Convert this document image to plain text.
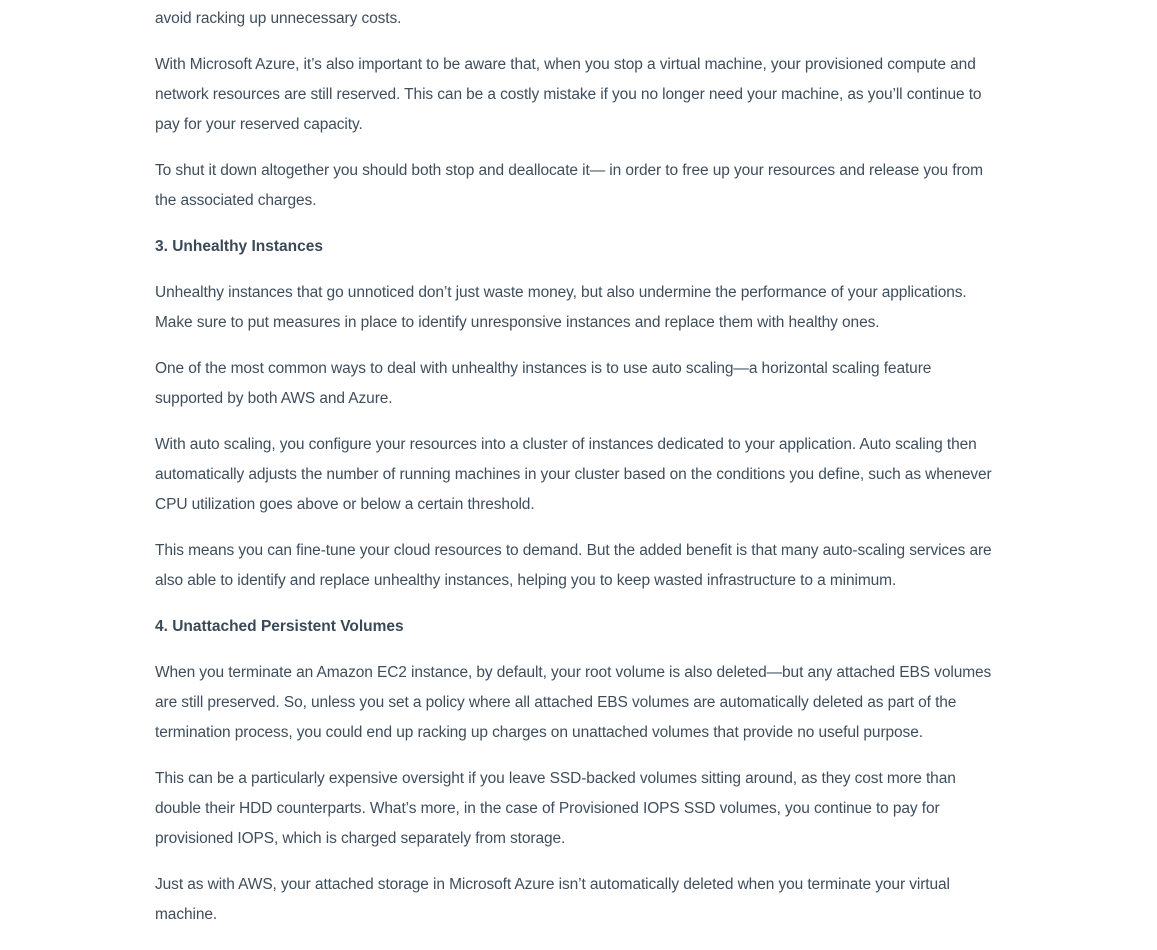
avoid racking up unnecessary costs.

With Microsoft Azure, it’s also important to be aware that, when you stop a virtual machine, your provisioned compute and network resources are still reserved. This can be a costly mistake if you no longer need your machine, as you’ll continue to pay for your reserved capacity.

To shut it down altogether you should both stop and deallocate it— in order to free up your resources and release you from the associated charges.

3. Unhealthy Instances

Unhealthy instances that go unnoticed don’t just waste money, but also undermine the performance of your applications. Make sure to put measures in place to identify unresponsive instances and replace them with healthy ones.

One of the most common ways to deal with unhealthy instances is to use auto scaling—a horizontal scaling feature supported by both AWS and Azure.

With auto scaling, you configure your resources into a cluster of instances dedicated to your application. Auto scaling then automatically adjusts the number of running machines in your cluster based on the conditions you define, such as whenever CPU utilization goes above or below a certain threshold.

This means you can fine-tune your cloud resources to demand. But the added benefit is that many auto-scaling services are also able to identify and replace unhealthy instances, helping you to keep wasted infrastructure to a minimum.

4. Unattached Persistent Volumes

When you terminate an Amazon EC2 instance, by default, your root volume is also deleted—but any attached EBS volumes are still preserved. So, unless you set a policy where all attached EBS volumes are automatically deleted as part of the termination process, you could end up racking up charges on unattached volumes that provide no useful purpose.

This can be a particularly expensive oversight if you leave SSD-backed volumes sitting around, as they cost more than double their HDD counterparts. What’s more, in the case of Provisioned IOPS SSD volumes, you continue to pay for provisioned IOPS, which is charged separately from storage.

Just as with AWS, your attached storage in Microsoft Azure isn’t automatically deleted when you terminate your virtual machine.
